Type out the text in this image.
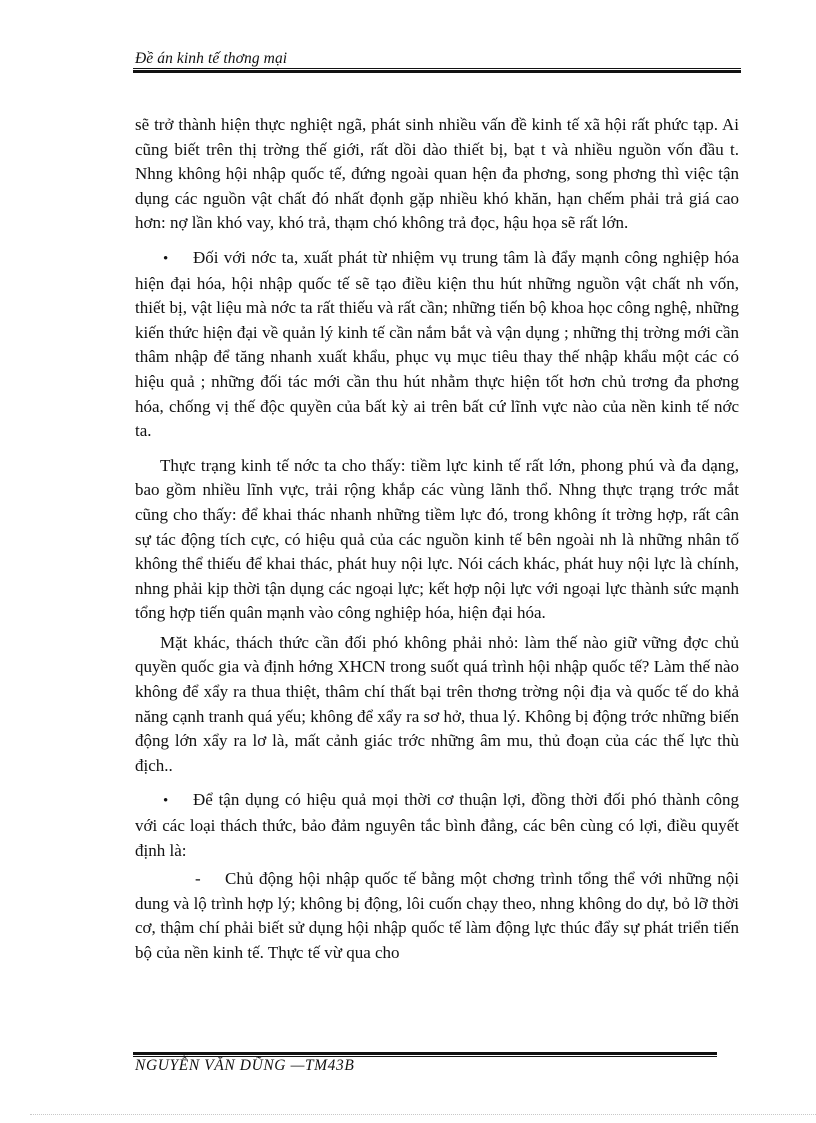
Đề án kinh tế thơng mại

sẽ trở thành hiện thực nghiệt ngã, phát sinh nhiều vấn đề kinh tế xã hội rất phức tạp. Ai cũng biết trên thị trờng thế giới, rất dồi dào thiết bị, bạt t và nhiều nguồn vốn đầu t. Nhng không hội nhập quốc tế, đứng ngoài quan hện đa phơng, song phơng thì việc tận dụng các nguồn vật chất đó nhất đọnh gặp nhiều khó khăn, hạn chếm phải trả giá cao hơn: nợ lần khó vay, khó trả, thạm chó không trả đọc, hậu họa sẽ rất lớn.

• Đối với nớc ta, xuất phát từ nhiệm vụ trung tâm là đẩy mạnh công nghiệp hóa hiện đại hóa, hội nhập quốc tế sẽ tạo điều kiện thu hút những nguồn vật chất nh vốn, thiết bị, vật liệu mà nớc ta rất thiếu và rất cần; những tiến bộ khoa học công nghệ, những kiến thức hiện đại về quản lý kinh tế cần nắm bắt và vận dụng ; những thị trờng mới cần thâm nhập để tăng nhanh xuất khẩu, phục vụ mục tiêu thay thế nhập khẩu một các có hiệu quả ; những đối tác mới cần thu hút nhằm thực hiện tốt hơn chủ trơng đa phơng hóa, chống vị thế độc quyền của bất kỳ ai trên bất cứ lĩnh vực nào của nền kinh tế nớc ta.

Thực trạng kinh tế nớc ta cho thấy: tiềm lực kinh tế rất lớn, phong phú và đa dạng, bao gồm nhiều lĩnh vực, trải rộng khắp các vùng lãnh thổ. Nhng thực trạng trớc mắt cũng cho thấy: để khai thác nhanh những tiềm lực đó, trong không ít trờng hợp, rất cân sự tác động tích cực, có hiệu quả của các nguồn kinh tế bên ngoài nh là những nhân tố không thể thiếu để khai thác, phát huy nội lực. Nói cách khác, phát huy nội lực là chính, nhng phải kịp thời tận dụng các ngoại lực; kết hợp nội lực với ngoại lực thành sức mạnh tổng hợp tiến quân mạnh vào công nghiệp hóa, hiện đại hóa.

Mặt khác, thách thức cần đối phó không phải nhỏ: làm thế nào giữ vững đợc chủ quyền quốc gia và định hớng XHCN trong suốt quá trình hội nhập quốc tế? Làm thế nào không để xẩy ra thua thiệt, thâm chí thất bại trên thơng trờng nội địa và quốc tế do khả năng cạnh tranh quá yếu; không để xẩy ra sơ hở, thua lý. Không bị động trớc những biến động lớn xẩy ra lơ là, mất cảnh giác trớc những âm mu, thủ đoạn của các thế lực thù địch..

• Để tận dụng có hiệu quả mọi thời cơ thuận lợi, đồng thời đối phó thành công với các loại thách thức, bảo đảm nguyên tắc bình đẳng, các bên cùng có lợi, điều quyết định là:

- Chủ động hội nhập quốc tế bằng một chơng trình tổng thể với những nội dung và lộ trình hợp lý; không bị động, lôi cuốn chạy theo, nhng không do dự, bỏ lỡ thời cơ, thậm chí phải biết sử dụng hội nhập quốc tế làm động lực thúc đẩy sự phát triển tiến bộ của nền kinh tế. Thực tế vừ qua cho

NGUYỄN VĂN DŨNG —TM43B
